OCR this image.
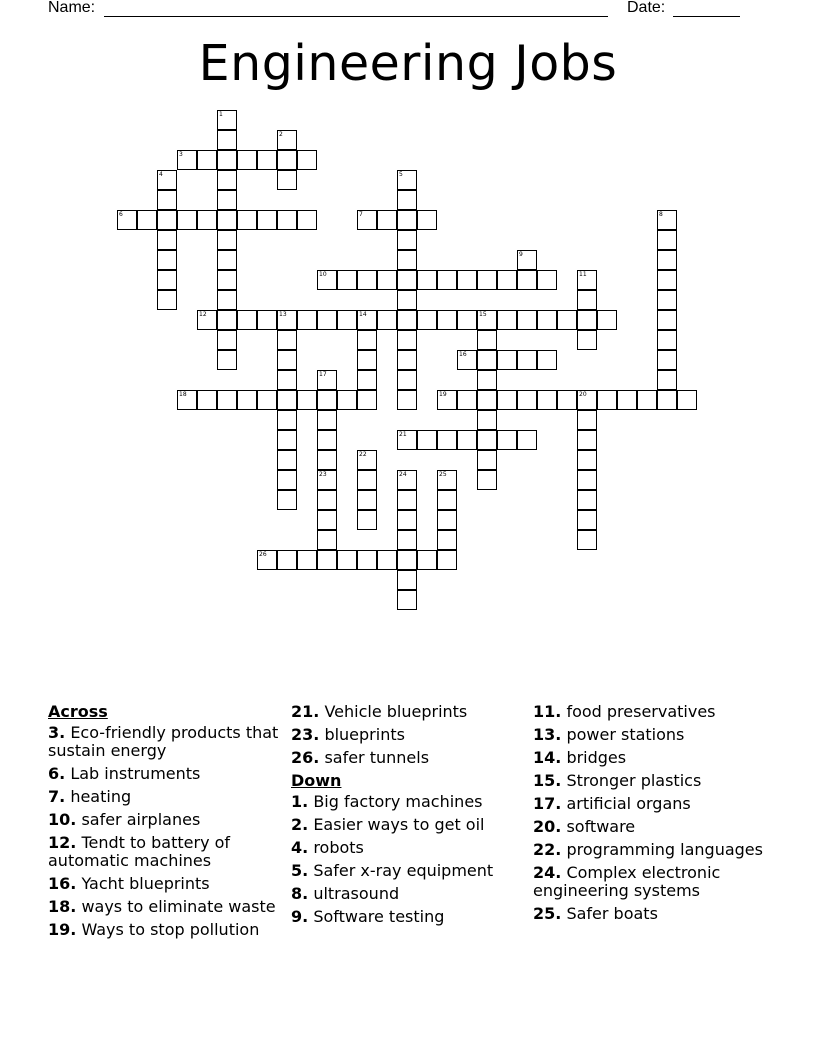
Name:	Date:
Engineering Jobs
3
6	7
10
12	13	14	15
16
18	19	20
21
26
1
2
4	5
8
9
11
17
23
22
24	25
Across
3. Eco-friendly products that sustain energy
6. Lab instruments
7. heating
10. safer airplanes
12. Tendt to battery of automatic machines
16. Yacht blueprints
18. ways to eliminate waste
19. Ways to stop pollution
21. Vehicle blueprints
23. blueprints
26. safer tunnels
Down
1. Big factory machines
2. Easier ways to get oil
4. robots
5. Safer x-ray equipment
8. ultrasound
9. Software testing
11. food preservatives
13. power stations
14. bridges
15. Stronger plastics
17. artificial organs
20. software
22. programming languages
24. Complex electronic engineering systems
25. Safer boats
